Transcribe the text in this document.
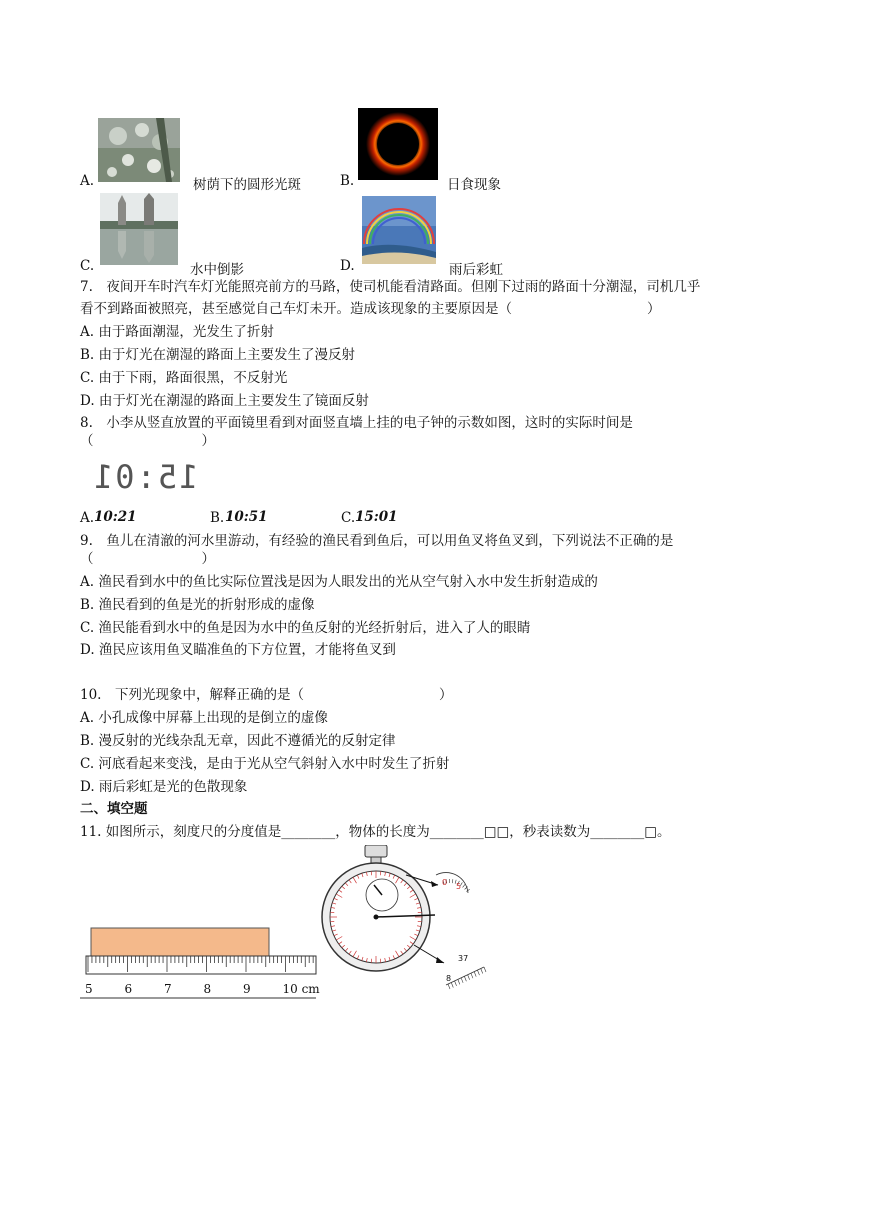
A.	树荫下的圆形光斑	B.	日食现象
C.	水中倒影	D.	雨后彩虹
7.　夜间开车时汽车灯光能照亮前方的马路，使司机能看清路面。但刚下过雨的路面十分潮湿，司机几乎
看不到路面被照亮，甚至感觉自己车灯未开。造成该现象的主要原因是（　　　　　　　　　　）
A. 由于路面潮湿，光发生了折射
B. 由于灯光在潮湿的路面上主要发生了漫反射
C. 由于下雨，路面很黑，不反射光
D. 由于灯光在潮湿的路面上主要发生了镜面反射
8.　小李从竖直放置的平面镜里看到对面竖直墙上挂的电子钟的示数如图，这时的实际时间是
（　　　　　　　　）
15:01
A. 10:21	B. 10:51	C. 15:01
9.　鱼儿在清澈的河水里游动，有经验的渔民看到鱼后，可以用鱼叉将鱼叉到，下列说法不正确的是
（　　　　　　　　）
A. 渔民看到水中的鱼比实际位置浅是因为人眼发出的光从空气射入水中发生折射造成的
B. 渔民看到的鱼是光的折射形成的虚像
C. 渔民能看到水中的鱼是因为水中的鱼反射的光经折射后，进入了人的眼睛
D. 渔民应该用鱼叉瞄准鱼的下方位置，才能将鱼叉到
10.　下列光现象中，解释正确的是（　　　　　　　　　　）
A. 小孔成像中屏幕上出现的是倒立的虚像
B. 漫反射的光线杂乱无章，因此不遵循光的反射定律
C. 河底看起来变浅，是由于光从空气斜射入水中时发生了折射
D. 雨后彩虹是光的色散现象
二、填空题
11. 如图所示，刻度尺的分度值是________，物体的长度为________□□，秒表读数为________□。
5	6	7	8	9	10 cm
0 5
37
8
